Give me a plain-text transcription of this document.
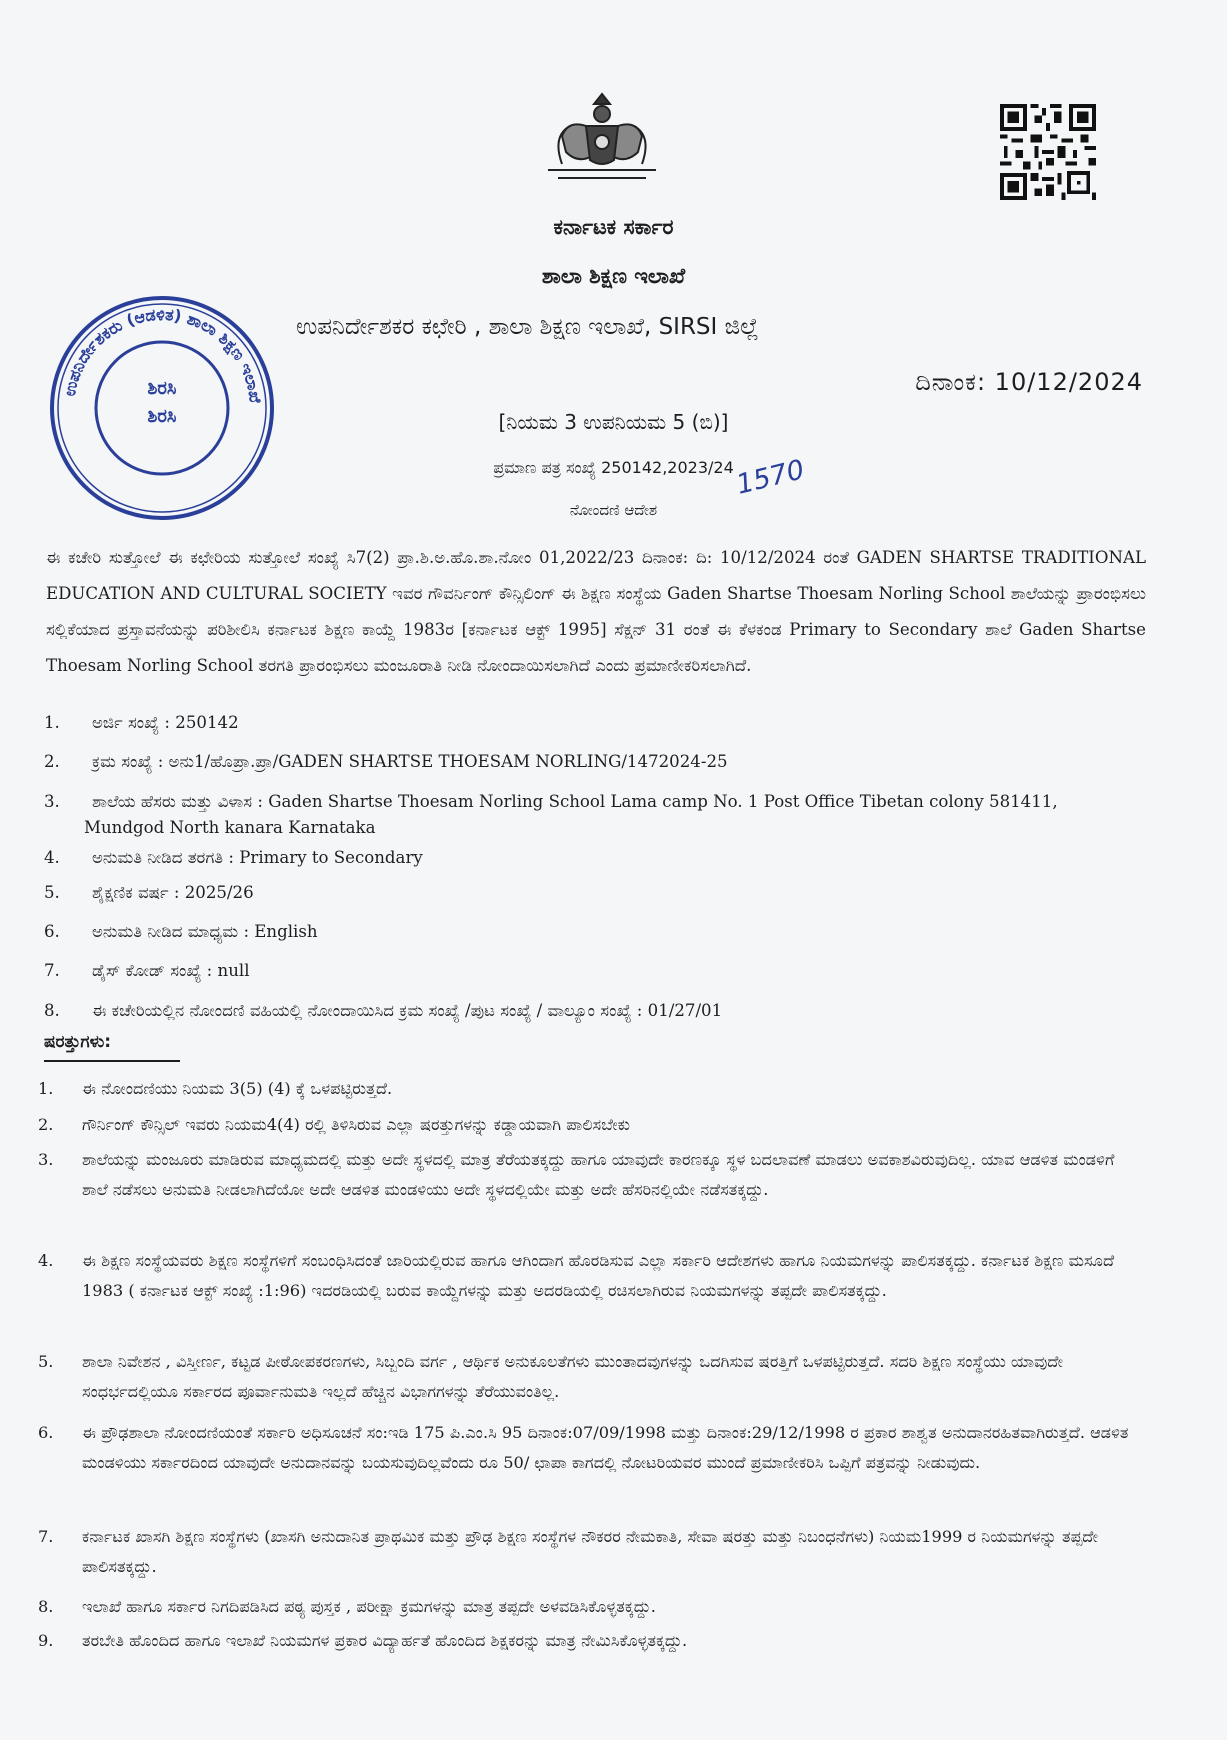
ಉಪನಿರ್ದೇಶಕರು (ಆಡಳಿತ) ಶಾಲಾ ಶಿಕ್ಷಣ ಇಲಾಖೆ
ಶಿರಸಿ
ಶಿರಸಿ
ಕರ್ನಾಟಕ ಸರ್ಕಾರ
ಶಾಲಾ ಶಿಕ್ಷಣ ಇಲಾಖೆ
ಉಪನಿರ್ದೇಶಕರ ಕಛೇರಿ , ಶಾಲಾ ಶಿಕ್ಷಣ ಇಲಾಖೆ, SIRSI ಜಿಲ್ಲೆ
ದಿನಾಂಕ: 10/12/2024
[ನಿಯಮ 3 ಉಪನಿಯಮ 5 (ಬಿ)]
ಪ್ರಮಾಣ ಪತ್ರ ಸಂಖ್ಯೆ 250142,2023/24 1570
ನೋಂದಣಿ ಆದೇಶ
ಈ ಕಚೇರಿ ಸುತ್ತೋಲೆ ಈ ಕಛೇರಿಯ ಸುತ್ತೋಲೆ ಸಂಖ್ಯೆ ಸಿ7(2) ಪ್ರಾ.ಶಿ.ಅ.ಹೊ.ಶಾ.ನೋಂ 01,2022/23 ದಿನಾಂಕ: ದಿ: 10/12/2024 ರಂತೆ GADEN SHARTSE TRADITIONAL EDUCATION AND CULTURAL SOCIETY ಇವರ ಗೌವರ್ನಿಂಗ್ ಕೌನ್ಸಿಲಿಂಗ್ ಈ ಶಿಕ್ಷಣ ಸಂಸ್ಥೆಯ Gaden Shartse Thoesam Norling School ಶಾಲೆಯನ್ನು ಪ್ರಾರಂಭಿಸಲು ಸಲ್ಲಿಕೆಯಾದ ಪ್ರಸ್ತಾವನೆಯನ್ನು ಪರಿಶೀಲಿಸಿ ಕರ್ನಾಟಕ ಶಿಕ್ಷಣ ಕಾಯ್ದೆ 1983ರ [ಕರ್ನಾಟಕ ಆಕ್ಟ್ 1995] ಸೆಕ್ಷನ್ 31 ರಂತೆ ಈ ಕೆಳಕಂಡ Primary to Secondary ಶಾಲೆ Gaden Shartse Thoesam Norling School ತರಗತಿ ಪ್ರಾರಂಭಿಸಲು ಮಂಜೂರಾತಿ ನೀಡಿ ನೋಂದಾಯಿಸಲಾಗಿದೆ ಎಂದು ಪ್ರಮಾಣೀಕರಿಸಲಾಗಿದೆ.
1. ಅರ್ಜಿ ಸಂಖ್ಯೆ : 250142
2. ಕ್ರಮ ಸಂಖ್ಯೆ : ಅನು1/ಹೊಪ್ರಾ.ಪ್ರಾ/GADEN SHARTSE THOESAM NORLING/1472024-25
3. ಶಾಲೆಯ ಹೆಸರು ಮತ್ತು ವಿಳಾಸ : Gaden Shartse Thoesam Norling School Lama camp No. 1 Post Office Tibetan colony 581411,
Mundgod North kanara Karnataka
4. ಅನುಮತಿ ನೀಡಿದ ತರಗತಿ : Primary to Secondary
5. ಶೈಕ್ಷಣಿಕ ವರ್ಷ : 2025/26
6. ಅನುಮತಿ ನೀಡಿದ ಮಾಧ್ಯಮ : English
7. ಡೈಸ್ ಕೋಡ್ ಸಂಖ್ಯೆ : null
8. ಈ ಕಚೇರಿಯಲ್ಲಿನ ನೋಂದಣಿ ವಹಿಯಲ್ಲಿ ನೋಂದಾಯಿಸಿದ ಕ್ರಮ ಸಂಖ್ಯೆ /ಪುಟ ಸಂಖ್ಯೆ / ವಾಲ್ಯೂಂ ಸಂಖ್ಯೆ : 01/27/01
ಷರತ್ತುಗಳು:
1. ಈ ನೋಂದಣಿಯು ನಿಯಮ 3(5) (4) ಕ್ಕೆ ಒಳಪಟ್ಟಿರುತ್ತದೆ.
2. ಗೌರ್ನಿಂಗ್ ಕೌನ್ಸಿಲ್ ಇವರು ನಿಯಮ4(4) ರಲ್ಲಿ ತಿಳಿಸಿರುವ ಎಲ್ಲಾ ಷರತ್ತುಗಳನ್ನು ಕಡ್ಡಾಯವಾಗಿ ಪಾಲಿಸಬೇಕು
3. ಶಾಲೆಯನ್ನು ಮಂಜೂರು ಮಾಡಿರುವ ಮಾಧ್ಯಮದಲ್ಲಿ ಮತ್ತು ಅದೇ ಸ್ಥಳದಲ್ಲಿ ಮಾತ್ರ ತೆರೆಯತಕ್ಕದ್ದು ಹಾಗೂ ಯಾವುದೇ ಕಾರಣಕ್ಕೂ ಸ್ಥಳ ಬದಲಾವಣೆ ಮಾಡಲು ಅವಕಾಶವಿರುವುದಿಲ್ಲ. ಯಾವ ಆಡಳಿತ ಮಂಡಳಿಗೆ ಶಾಲೆ ನಡೆಸಲು ಅನುಮತಿ ನೀಡಲಾಗಿದೆಯೋ ಅದೇ ಆಡಳಿತ ಮಂಡಳಿಯು ಅದೇ ಸ್ಥಳದಲ್ಲಿಯೇ ಮತ್ತು ಅದೇ ಹೆಸರಿನಲ್ಲಿಯೇ ನಡೆಸತಕ್ಕದ್ದು.
4. ಈ ಶಿಕ್ಷಣ ಸಂಸ್ಥೆಯವರು ಶಿಕ್ಷಣ ಸಂಸ್ಥೆಗಳಿಗೆ ಸಂಬಂಧಿಸಿದಂತೆ ಜಾರಿಯಲ್ಲಿರುವ ಹಾಗೂ ಆಗಿಂದಾಗ ಹೊರಡಿಸುವ ಎಲ್ಲಾ ಸರ್ಕಾರಿ ಆದೇಶಗಳು ಹಾಗೂ ನಿಯಮಗಳನ್ನು ಪಾಲಿಸತಕ್ಕದ್ದು. ಕರ್ನಾಟಕ ಶಿಕ್ಷಣ ಮಸೂದೆ 1983 ( ಕರ್ನಾಟಕ ಆಕ್ಟ್ ಸಂಖ್ಯೆ :1:96) ಇದರಡಿಯಲ್ಲಿ ಬರುವ ಕಾಯ್ದೆಗಳನ್ನು ಮತ್ತು ಅದರಡಿಯಲ್ಲಿ ರಚಿಸಲಾಗಿರುವ ನಿಯಮಗಳನ್ನು ತಪ್ಪದೇ ಪಾಲಿಸತಕ್ಕದ್ದು.
5. ಶಾಲಾ ನಿವೇಶನ , ವಿಸ್ತೀರ್ಣ, ಕಟ್ಟಡ ಪೀಠೋಪಕರಣಗಳು, ಸಿಬ್ಬಂದಿ ವರ್ಗ , ಆರ್ಥಿಕ ಅನುಕೂಲತೆಗಳು ಮುಂತಾದವುಗಳನ್ನು ಒದಗಿಸುವ ಷರತ್ತಿಗೆ ಒಳಪಟ್ಟಿರುತ್ತದೆ. ಸದರಿ ಶಿಕ್ಷಣ ಸಂಸ್ಥೆಯು ಯಾವುದೇ ಸಂಧರ್ಭದಲ್ಲಿಯೂ ಸರ್ಕಾರದ ಪೂರ್ವಾನುಮತಿ ಇಲ್ಲದೆ ಹೆಚ್ಚಿನ ವಿಭಾಗಗಳನ್ನು ತೆರೆಯುವಂತಿಲ್ಲ.
6. ಈ ಪ್ರೌಢಶಾಲಾ ನೋಂದಣಿಯಂತೆ ಸರ್ಕಾರಿ ಅಧಿಸೂಚನೆ ಸಂ:ಇಡಿ 175 ಪಿ.ಎಂ.ಸಿ 95 ದಿನಾಂಕ:07/09/1998 ಮತ್ತು ದಿನಾಂಕ:29/12/1998 ರ ಪ್ರಕಾರ ಶಾಶ್ವತ ಅನುದಾನರಹಿತವಾಗಿರುತ್ತದೆ. ಆಡಳಿತ ಮಂಡಳಿಯು ಸರ್ಕಾರದಿಂದ ಯಾವುದೇ ಅನುದಾನವನ್ನು ಬಯಸುವುದಿಲ್ಲವೆಂದು ರೂ 50/ ಛಾಪಾ ಕಾಗದಲ್ಲಿ ನೋಟರಿಯವರ ಮುಂದೆ ಪ್ರಮಾಣೀಕರಿಸಿ ಒಪ್ಪಿಗೆ ಪತ್ರವನ್ನು ನೀಡುವುದು.
7. ಕರ್ನಾಟಕ ಖಾಸಗಿ ಶಿಕ್ಷಣ ಸಂಸ್ಥೆಗಳು (ಖಾಸಗಿ ಅನುದಾನಿತ ಪ್ರಾಥಮಿಕ ಮತ್ತು ಪ್ರೌಢ ಶಿಕ್ಷಣ ಸಂಸ್ಥೆಗಳ ನೌಕರರ ನೇಮಕಾತಿ, ಸೇವಾ ಷರತ್ತು ಮತ್ತು ನಿಬಂಧನೆಗಳು) ನಿಯಮ1999 ರ ನಿಯಮಗಳನ್ನು ತಪ್ಪದೇ ಪಾಲಿಸತಕ್ಕದ್ದು.
8. ಇಲಾಖೆ ಹಾಗೂ ಸರ್ಕಾರ ನಿಗದಿಪಡಿಸಿದ ಪಠ್ಯ ಪುಸ್ತಕ , ಪರೀಕ್ಷಾ ಕ್ರಮಗಳನ್ನು ಮಾತ್ರ ತಪ್ಪದೇ ಅಳವಡಿಸಿಕೊಳ್ಳತಕ್ಕದ್ದು.
9. ತರಬೇತಿ ಹೊಂದಿದ ಹಾಗೂ ಇಲಾಖೆ ನಿಯಮಗಳ ಪ್ರಕಾರ ವಿದ್ಯಾರ್ಹತೆ ಹೊಂದಿದ ಶಿಕ್ಷಕರನ್ನು ಮಾತ್ರ ನೇಮಿಸಿಕೊಳ್ಳತಕ್ಕದ್ದು.
